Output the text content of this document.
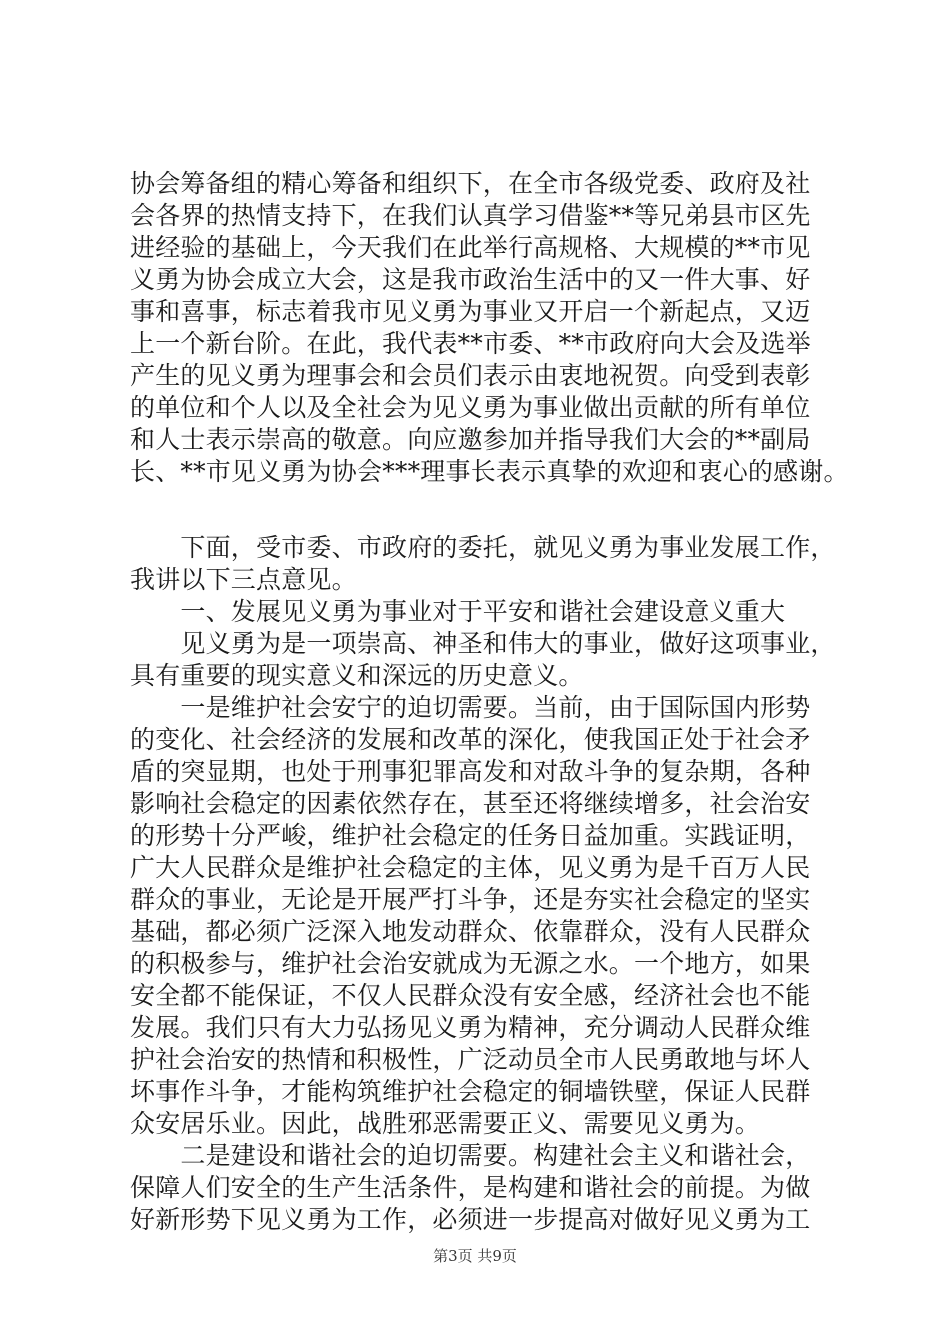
协会筹备组的精心筹备和组织下，在全市各级党委、政府及社
会各界的热情支持下，在我们认真学习借鉴**等兄弟县市区先
进经验的基础上，今天我们在此举行高规格、大规模的**市见
义勇为协会成立大会，这是我市政治生活中的又一件大事、好
事和喜事，标志着我市见义勇为事业又开启一个新起点，又迈
上一个新台阶。在此，我代表**市委、**市政府向大会及选举
产生的见义勇为理事会和会员们表示由衷地祝贺。向受到表彰
的单位和个人以及全社会为见义勇为事业做出贡献的所有单位
和人士表示崇高的敬意。向应邀参加并指导我们大会的**副局
长、**市见义勇为协会***理事长表示真挚的欢迎和衷心的感谢。
　　下面，受市委、市政府的委托，就见义勇为事业发展工作，
我讲以下三点意见。
　　一、发展见义勇为事业对于平安和谐社会建设意义重大
　　见义勇为是一项崇高、神圣和伟大的事业，做好这项事业，
具有重要的现实意义和深远的历史意义。
　　一是维护社会安宁的迫切需要。当前，由于国际国内形势
的变化、社会经济的发展和改革的深化，使我国正处于社会矛
盾的突显期，也处于刑事犯罪高发和对敌斗争的复杂期，各种
影响社会稳定的因素依然存在，甚至还将继续增多，社会治安
的形势十分严峻，维护社会稳定的任务日益加重。实践证明，
广大人民群众是维护社会稳定的主体，见义勇为是千百万人民
群众的事业，无论是开展严打斗争，还是夯实社会稳定的坚实
基础，都必须广泛深入地发动群众、依靠群众，没有人民群众
的积极参与，维护社会治安就成为无源之水。一个地方，如果
安全都不能保证，不仅人民群众没有安全感，经济社会也不能
发展。我们只有大力弘扬见义勇为精神，充分调动人民群众维
护社会治安的热情和积极性，广泛动员全市人民勇敢地与坏人
坏事作斗争，才能构筑维护社会稳定的铜墙铁壁，保证人民群
众安居乐业。因此，战胜邪恶需要正义、需要见义勇为。
　　二是建设和谐社会的迫切需要。构建社会主义和谐社会，
保障人们安全的生产生活条件，是构建和谐社会的前提。为做
好新形势下见义勇为工作，必须进一步提高对做好见义勇为工
第3页 共9页
